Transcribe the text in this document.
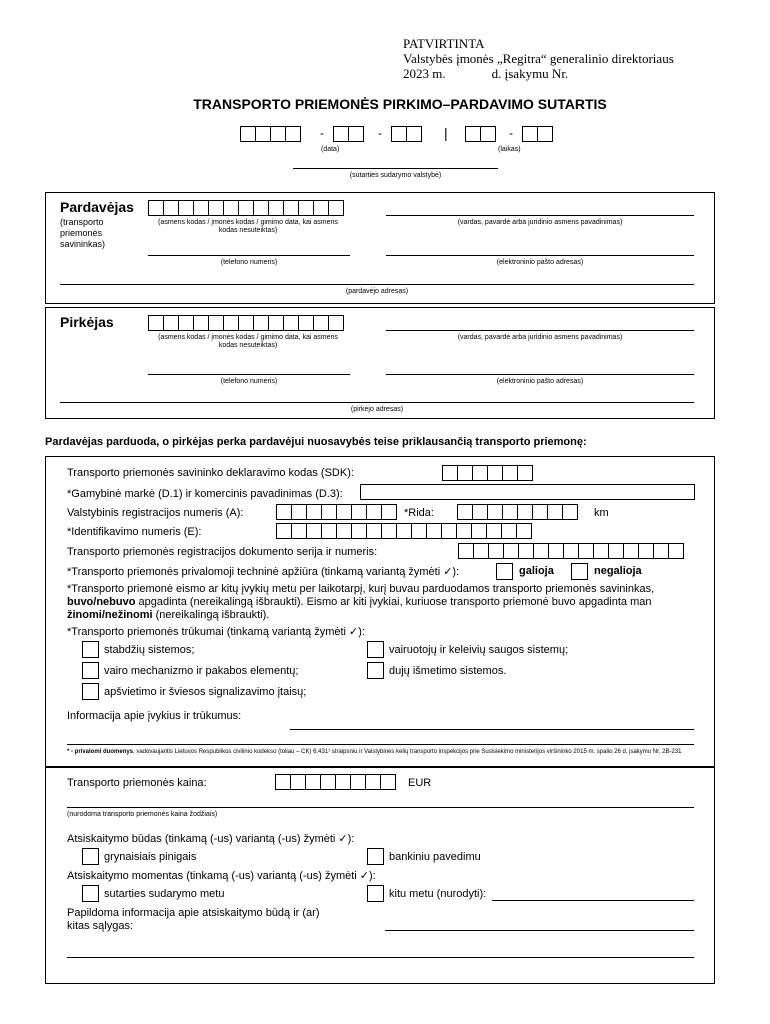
PATVIRTINTA
Valstybės įmonės „Regitra“ generalinio direktoriaus
2023 m.	d. įsakymu Nr.
TRANSPORTO PRIEMONĖS PIRKIMO–PARDAVIMO SUTARTIS
-	-	|	-
(data)	(laikas)
(sutarties sudarymo valstybė)
Pardavėjas
(transporto
priemonės
savininkas)
(asmens kodas / įmonės kodas / gimimo data, kai asmens kodas nesuteiktas)
(vardas, pavardė arba juridinio asmens pavadinimas)
(telefono numeris)	(elektroninio pašto adresas)
(pardavėjo adresas)
Pirkėjas
(asmens kodas / įmonės kodas / gimimo data, kai asmens kodas nesuteiktas)
(vardas, pavardė arba juridinio asmens pavadinimas)
(telefono numeris)	(elektroninio pašto adresas)
(pirkėjo adresas)
Pardavėjas parduoda, o pirkėjas perka pardavėjui nuosavybės teise priklausančią transporto priemonę:
Transporto priemonės savininko deklaravimo kodas (SDK):
*Gamybinė markė (D.1) ir komercinis pavadinimas (D.3):
Valstybinis registracijos numeris (A):	*Rida:	km
*Identifikavimo numeris (E):
Transporto priemonės registracijos dokumento serija ir numeris:
*Transporto priemonės privalomoji techninė apžiūra (tinkamą variantą žymėti ✓):	galioja	negalioja
*Transporto priemonė eismo ar kitų įvykių metu per laikotarpį, kurį buvau parduodamos transporto priemonės savininkas,
buvo/nebuvo apgadinta (nereikalingą išbraukti). Eismo ar kiti įvykiai, kuriuose transporto priemonė buvo apgadinta man
žinomi/nežinomi (nereikalingą išbraukti).
*Transporto priemonės trūkumai (tinkamą variantą žymėti ✓):
stabdžių sistemos;	vairuotojų ir keleivių saugos sistemų;
vairo mechanizmo ir pakabos elementų;	dujų išmetimo sistemos.
apšvietimo ir šviesos signalizavimo įtaisų;
Informacija apie įvykius ir trūkumus:
* - privalomi duomenys, vadovaujantis Lietuvos Respublikos civilinio kodekso (toliau – CK) 6.431¹ straipsniu ir Valstybinės kelių transporto inspekcijos prie Susisiekimo ministerijos viršininko 2015 m. spalio 26 d. įsakymu Nr. 2B-231
Transporto priemonės kaina:	EUR
(nurodoma transporto priemonės kaina žodžiais)
Atsiskaitymo būdas (tinkamą (-us) variantą (-us) žymėti ✓):
grynaisiais pinigais	bankiniu pavedimu
Atsiskaitymo momentas (tinkamą (-us) variantą (-us) žymėti ✓):
sutarties sudarymo metu	kitu metu (nurodyti):
Papildoma informacija apie atsiskaitymo būdą ir (ar)
kitas sąlygas:
